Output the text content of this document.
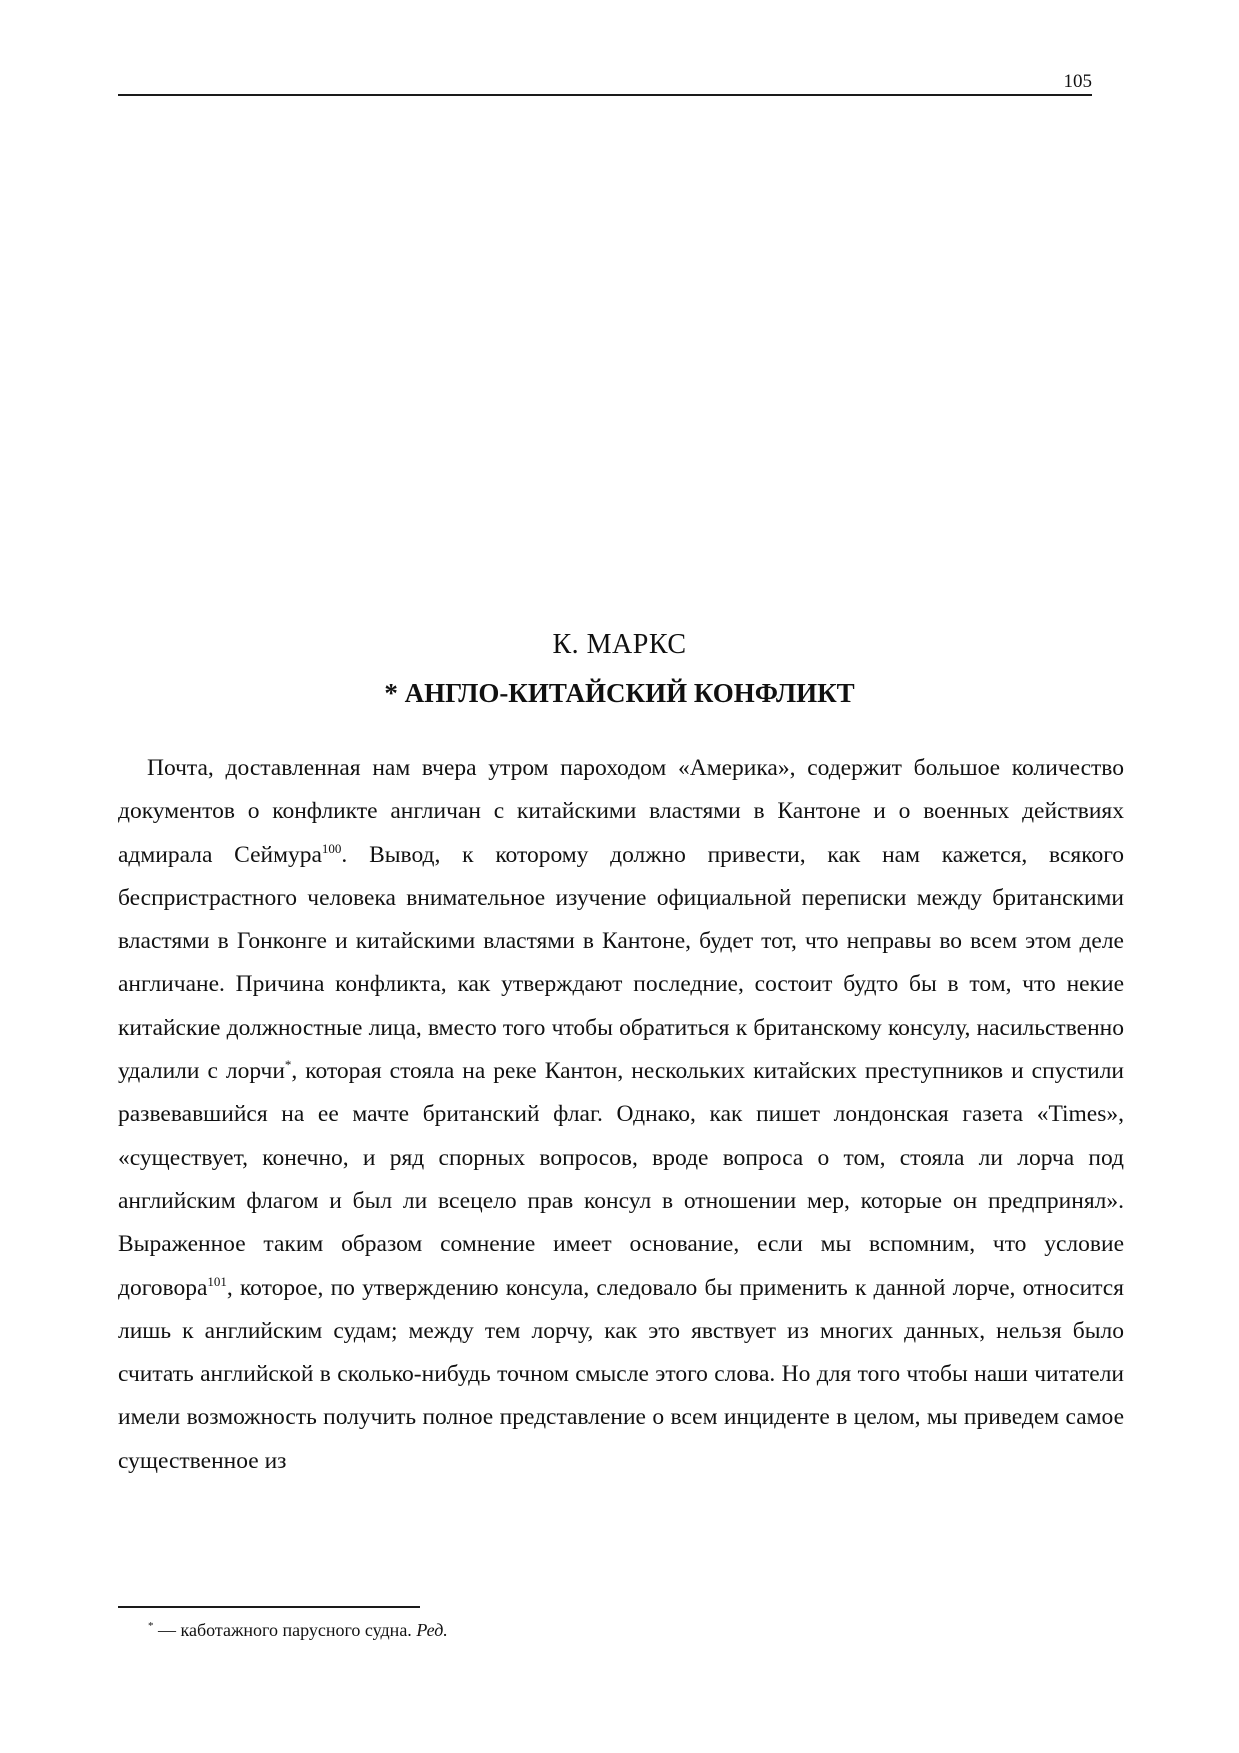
105
К. МАРКС
* АНГЛО-КИТАЙСКИЙ КОНФЛИКТ

Почта, доставленная нам вчера утром пароходом «Америка», содержит большое количество документов о конфликте англичан с китайскими властями в Кантоне и о военных действиях адмирала Сеймура$^{100}$. Вывод, к которому должно привести, как нам кажется, всякого беспристрастного человека внимательное изучение официальной переписки между британскими властями в Гонконге и китайскими властями в Кантоне, будет тот, что неправы во всем этом деле англичане. Причина конфликта, как утверждают последние, состоит будто бы в том, что некие китайские должностные лица, вместо того чтобы обратиться к британскому консулу, насильственно удалили с лорчи*, которая стояла на реке Кантон, нескольких китайских преступников и спустили развевавшийся на ее мачте британский флаг. Однако, как пишет лондонская газета «Times», «существует, конечно, и ряд спорных вопросов, вроде вопроса о том, стояла ли лорча под английским флагом и был ли всецело прав консул в отношении мер, которые он предпринял». Выраженное таким образом сомнение имеет основание, если мы вспомним, что условие договора$^{101}$, которое, по утверждению консула, следовало бы применить к данной лорче, относится лишь к английским судам; между тем лорчу, как это явствует из многих данных, нельзя было считать английской в сколько-нибудь точном смысле этого слова. Но для того чтобы наши читатели имели возможность получить полное представление о всем инциденте в целом, мы приведем самое существенное из

* — каботажного парусного судна. Ред.
